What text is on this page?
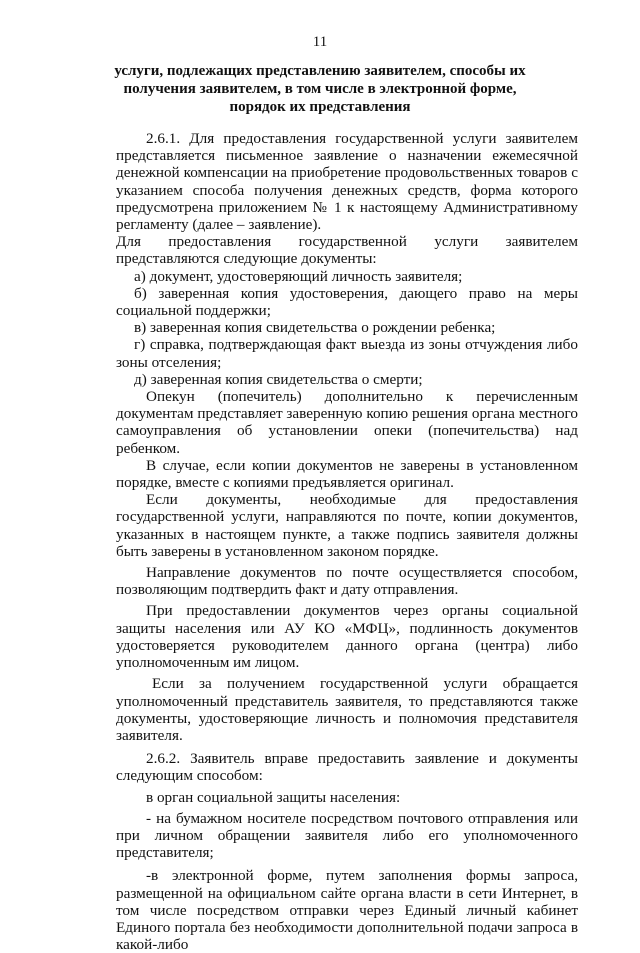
11
услуги, подлежащих представлению заявителем, способы их получения заявителем, в том числе в электронной форме, порядок их представления

2.6.1. Для предоставления государственной услуги заявителем представляется письменное заявление о назначении ежемесячной денежной компенсации на приобретение продовольственных товаров с указанием способа получения денежных средств, форма которого предусмотрена приложением № 1 к настоящему Административному регламенту (далее – заявление).

Для предоставления государственной услуги заявителем представляются следующие документы:

а) документ, удостоверяющий личность заявителя;

б) заверенная копия удостоверения, дающего право на меры социальной поддержки;

в) заверенная копия свидетельства о рождении ребенка;

г) справка, подтверждающая факт выезда из зоны отчуждения либо зоны отселения;

д) заверенная копия свидетельства о смерти;

Опекун (попечитель) дополнительно к перечисленным документам представляет заверенную копию решения органа местного самоуправления об установлении опеки (попечительства) над ребенком.

В случае, если копии документов не заверены в установленном порядке, вместе с копиями предъявляется оригинал.

Если документы, необходимые для предоставления государственной услуги, направляются по почте, копии документов, указанных в настоящем пункте, а также подпись заявителя должны быть заверены в установленном законом порядке.

Направление документов по почте осуществляется способом, позволяющим подтвердить факт и дату отправления.

При предоставлении документов через органы социальной защиты населения или АУ КО «МФЦ», подлинность документов удостоверяется руководителем данного органа (центра) либо уполномоченным им лицом.

Если за получением государственной услуги обращается уполномоченный представитель заявителя, то представляются также документы, удостоверяющие личность и полномочия представителя заявителя.

2.6.2. Заявитель вправе предоставить заявление и документы следующим способом:

в орган социальной защиты населения:

- на бумажном носителе посредством почтового отправления или при личном обращении заявителя либо его уполномоченного представителя;

-в электронной форме, путем заполнения формы запроса, размещенной на официальном сайте органа власти в сети Интернет, в том числе посредством отправки через Единый личный кабинет Единого портала без необходимости дополнительной подачи запроса в какой-либо
